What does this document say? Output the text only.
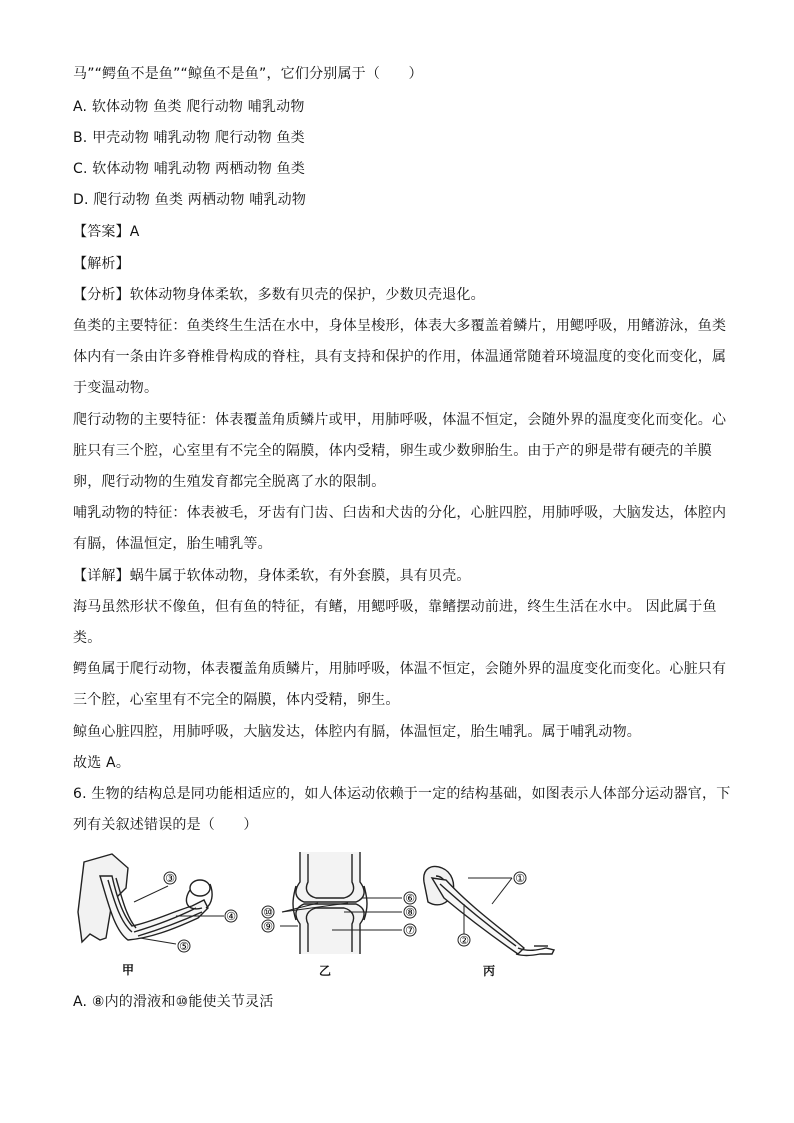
马”“鳄鱼不是鱼”“鲸鱼不是鱼”，它们分别属于（　　）
A. 软体动物 鱼类 爬行动物 哺乳动物
B. 甲壳动物 哺乳动物 爬行动物 鱼类
C. 软体动物 哺乳动物 两栖动物 鱼类
D. 爬行动物 鱼类 两栖动物 哺乳动物
【答案】A
【解析】
【分析】软体动物身体柔软，多数有贝壳的保护，少数贝壳退化。
鱼类的主要特征：鱼类终生生活在水中，身体呈梭形，体表大多覆盖着鳞片，用鳃呼吸，用鳍游泳，鱼类
体内有一条由许多脊椎骨构成的脊柱，具有支持和保护的作用，体温通常随着环境温度的变化而变化，属
于变温动物。
爬行动物的主要特征：体表覆盖角质鳞片或甲，用肺呼吸，体温不恒定，会随外界的温度变化而变化。心
脏只有三个腔，心室里有不完全的隔膜，体内受精，卵生或少数卵胎生。由于产的卵是带有硬壳的羊膜
卵，爬行动物的生殖发育都完全脱离了水的限制。
哺乳动物的特征：体表被毛，牙齿有门齿、臼齿和犬齿的分化，心脏四腔，用肺呼吸，大脑发达，体腔内
有膈，体温恒定，胎生哺乳等。
【详解】蜗牛属于软体动物，身体柔软，有外套膜，具有贝壳。
海马虽然形状不像鱼，但有鱼的特征，有鳍，用鳃呼吸，靠鳍摆动前进，终生生活在水中。 因此属于鱼
类。
鳄鱼属于爬行动物，体表覆盖角质鳞片，用肺呼吸，体温不恒定，会随外界的温度变化而变化。心脏只有
三个腔，心室里有不完全的隔膜，体内受精，卵生。
鲸鱼心脏四腔，用肺呼吸，大脑发达，体腔内有膈，体温恒定，胎生哺乳。属于哺乳动物。
故选 A。
6. 生物的结构总是同功能相适应的，如人体运动依赖于一定的结构基础，如图表示人体部分运动器官，下
列有关叙述错误的是（　　）
③
④
⑤
⑩
⑨
⑥
⑧
⑦
①
②
甲	乙	丙
A. ⑧内的滑液和⑩能使关节灵活
